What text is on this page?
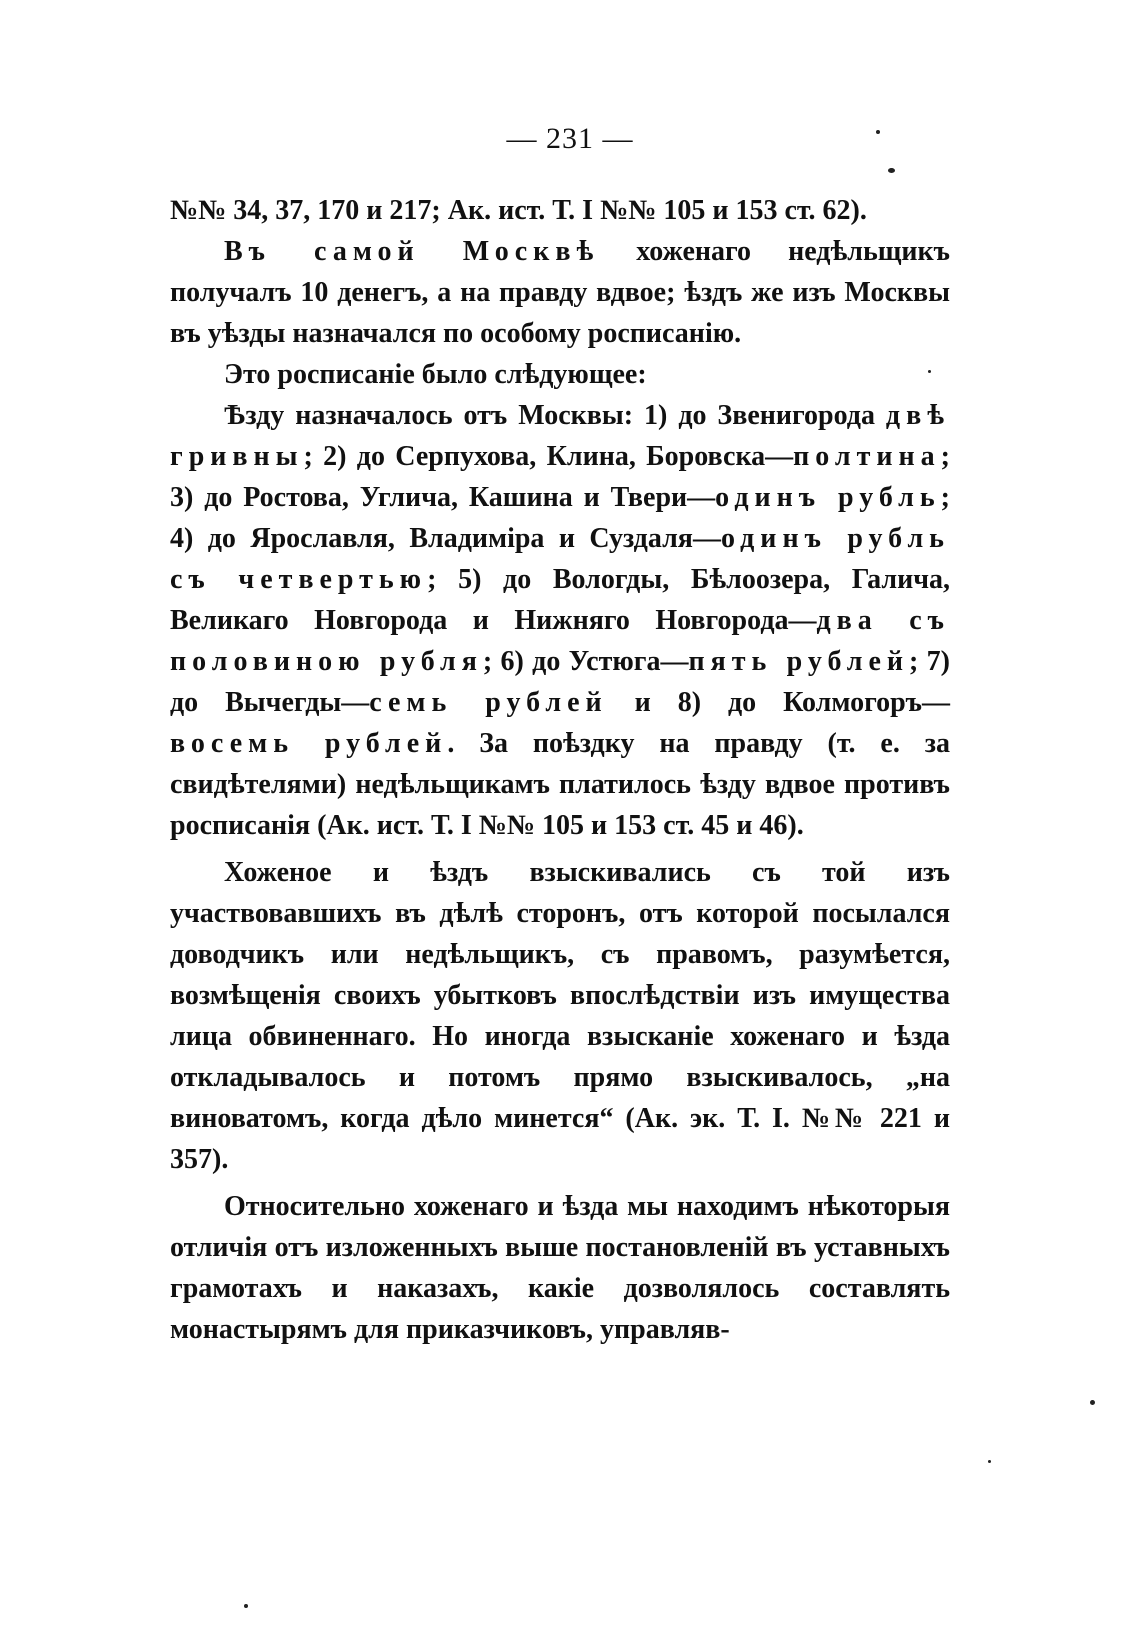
— 231 —

№№ 34, 37, 170 и 217; Ак. ист. Т. I №№ 105 и 153 ст. 62).

Въ самой Москвѣ хоженаго недѣльщикъ получалъ 10 денегъ, а на правду вдвое; ѣздъ же изъ Москвы въ уѣзды назначался по особому росписанію.

Это росписаніе было слѣдующее:

Ѣзду назначалось отъ Москвы: 1) до Звенигорода двѣ гривны; 2) до Серпухова, Клина, Боровска—полтина; 3) до Ростова, Углича, Кашина и Твери—одинъ рубль; 4) до Ярославля, Владиміра и Суздаля—одинъ рубль съ четвертью; 5) до Вологды, Бѣлоозера, Галича, Великаго Новгорода и Нижняго Новгорода—два съ половиною рубля; 6) до Устюга—пять рублей; 7) до Вычегды—семь рублей и 8) до Колмогоръ—восемь рублей. За поѣздку на правду (т. е. за свидѣтелями) недѣльщикамъ платилось ѣзду вдвое противъ росписанія (Ак. ист. Т. I №№ 105 и 153 ст. 45 и 46).

Хоженое и ѣздъ взыскивались съ той изъ участвовавшихъ въ дѣлѣ сторонъ, отъ которой посылался доводчикъ или недѣльщикъ, съ правомъ, разумѣется, возмѣщенія своихъ убытковъ впослѣдствіи изъ имущества лица обвиненнаго. Но иногда взысканіе хоженаго и ѣзда откладывалось и потомъ прямо взыскивалось, „на виноватомъ, когда дѣло минется“ (Ак. эк. Т. I. №№ 221 и 357).

Относительно хоженаго и ѣзда мы находимъ нѣкоторыя отличія отъ изложенныхъ выше постановленій въ уставныхъ грамотахъ и наказахъ, какіе дозволялось составлять монастырямъ для приказчиковъ, управляв-
